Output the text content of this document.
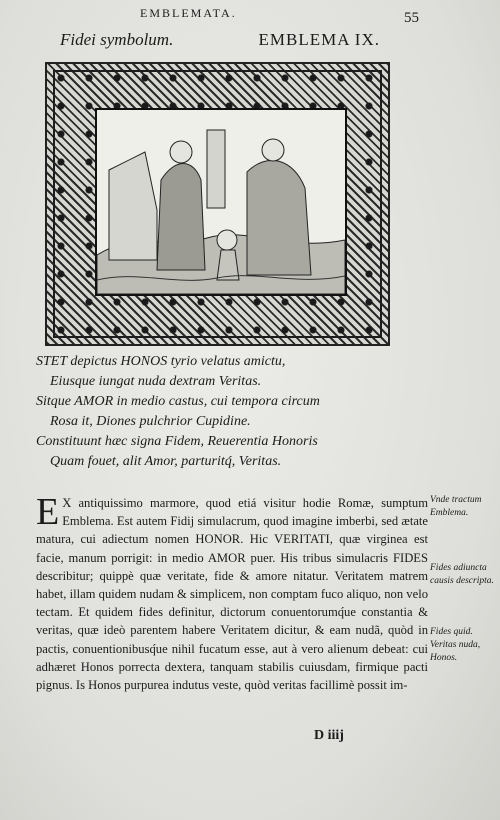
EMBLEMATA.	55
Fidei symbolum.	EMBLEMA IX.
STET depictus HONOS tyrio velatus amictu,
Eiusque iungat nuda dextram Veritas.
Sitque AMOR in medio castus, cui tempora circum
Rosa it, Diones pulchrior Cupidine.
Constituunt hæc signa Fidem, Reuerentia Honoris
Quam fouet, alit Amor, parturitq́, Veritas.

E X antiquissimo marmore, quod etiá visitur hodie Romæ, sumptum Emblema. Est autem Fidij simulacrum, quod imagine imberbi, sed ætate matura, cui adiectum nomen HONOR. Hic VERITATI, quæ virginea est facie, manum porrigit: in medio AMOR puer. His tribus simulacris FIDES describitur; quippè quæ veritate, fide & amore nitatur. Veritatem matrem habet, illam quidem nudam & simplicem, non comptam fuco aliquo, non velo tectam. Et quidem fides definitur, dictorum conuentorumq́ue constantia & veritas, quæ ideò parentem habere Veritatem dicitur, & eam nudã, quòd in pactis, conuentionibusq́ue nihil fucatum esse, aut à vero alienum debeat: cui adhæret Honos porrecta dextera, tanquam stabilis cuiusdam, firmique pacti pignus. Is Honos purpurea indutus veste, quòd veritas facillimè possit im-

Vnde tractum Emblema.
Fides adiuncta causis descripta.
Fides quid. Veritas nuda, Honos.
D iiij
